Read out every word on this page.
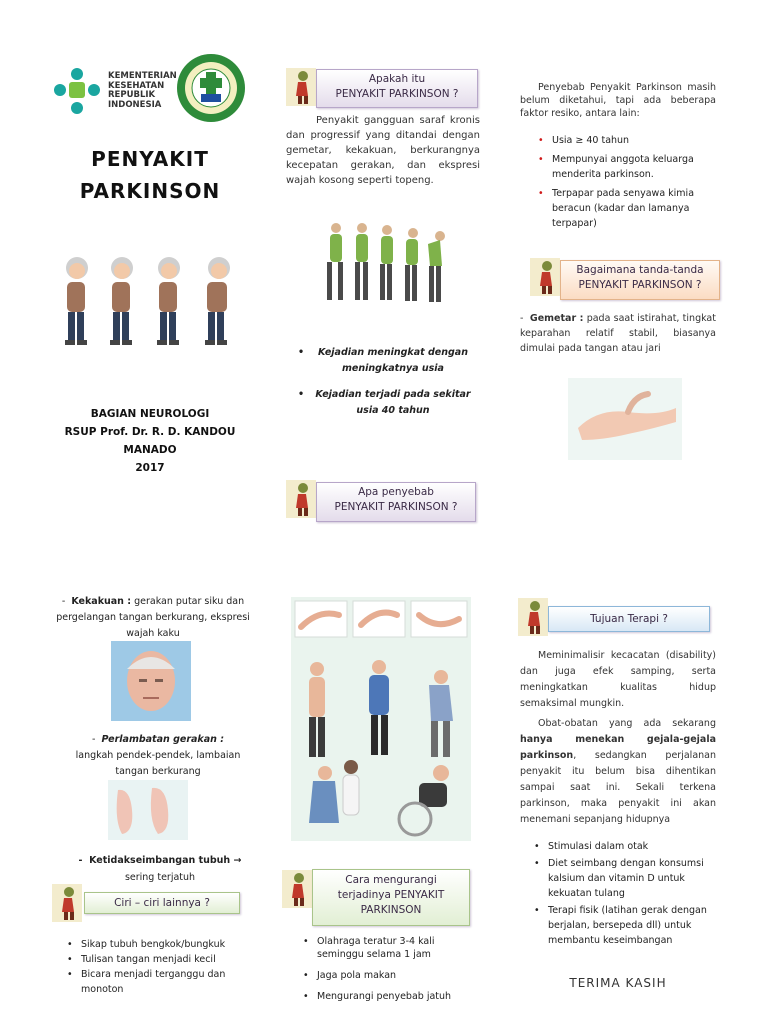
KEMENTERIAN
KESEHATAN
REPUBLIK
INDONESIA
PENYAKIT
PARKINSON
BAGIAN NEUROLOGI
RSUP Prof. Dr. R. D. KANDOU
MANADO
2017
Apakah itu
PENYAKIT PARKINSON ?
Penyakit gangguan saraf kronis dan progressif yang ditandai dengan gemetar, kekakuan, berkurangnya kecepatan gerakan, dan ekspresi wajah kosong seperti topeng.
• Kejadian meningkat dengan meningkatnya usia
• Kejadian terjadi pada sekitar usia 40 tahun
Apa penyebab
PENYAKIT PARKINSON ?
Penyebab Penyakit Parkinson masih belum diketahui, tapi ada beberapa faktor resiko, antara lain:
• Usia ≥ 40 tahun
• Mempunyai anggota keluarga menderita parkinson.
• Terpapar pada senyawa kimia beracun (kadar dan lamanya terpapar)
Bagaimana tanda-tanda
PENYAKIT PARKINSON ?
- Gemetar : pada saat istirahat, tingkat keparahan relatif stabil, biasanya dimulai pada tangan atau jari
-  Kekakuan : gerakan putar siku dan pergelangan tangan berkurang, ekspresi wajah kaku
-  Perlambatan gerakan :
langkah pendek-pendek, lambaian tangan berkurang
-  Ketidakseimbangan tubuh →
sering terjatuh
Ciri – ciri lainnya ?
• Sikap tubuh bengkok/bungkuk
• Tulisan tangan menjadi kecil
• Bicara menjadi terganggu dan monoton
Cara mengurangi
terjadinya PENYAKIT
PARKINSON
• Olahraga teratur 3-4 kali seminggu selama 1 jam
• Jaga pola makan
• Mengurangi penyebab jatuh
Tujuan Terapi ?
Meminimalisir kecacatan (disability) dan juga efek samping, serta meningkatkan kualitas hidup semaksimal mungkin.
Obat-obatan yang ada sekarang hanya menekan gejala-gejala parkinson, sedangkan perjalanan penyakit itu belum bisa dihentikan sampai saat ini. Sekali terkena parkinson, maka penyakit ini akan menemani sepanjang hidupnya
• Stimulasi dalam otak
• Diet seimbang dengan konsumsi kalsium dan vitamin D untuk kekuatan tulang
• Terapi fisik (latihan gerak dengan berjalan, bersepeda dll) untuk membantu keseimbangan
TERIMA KASIH
